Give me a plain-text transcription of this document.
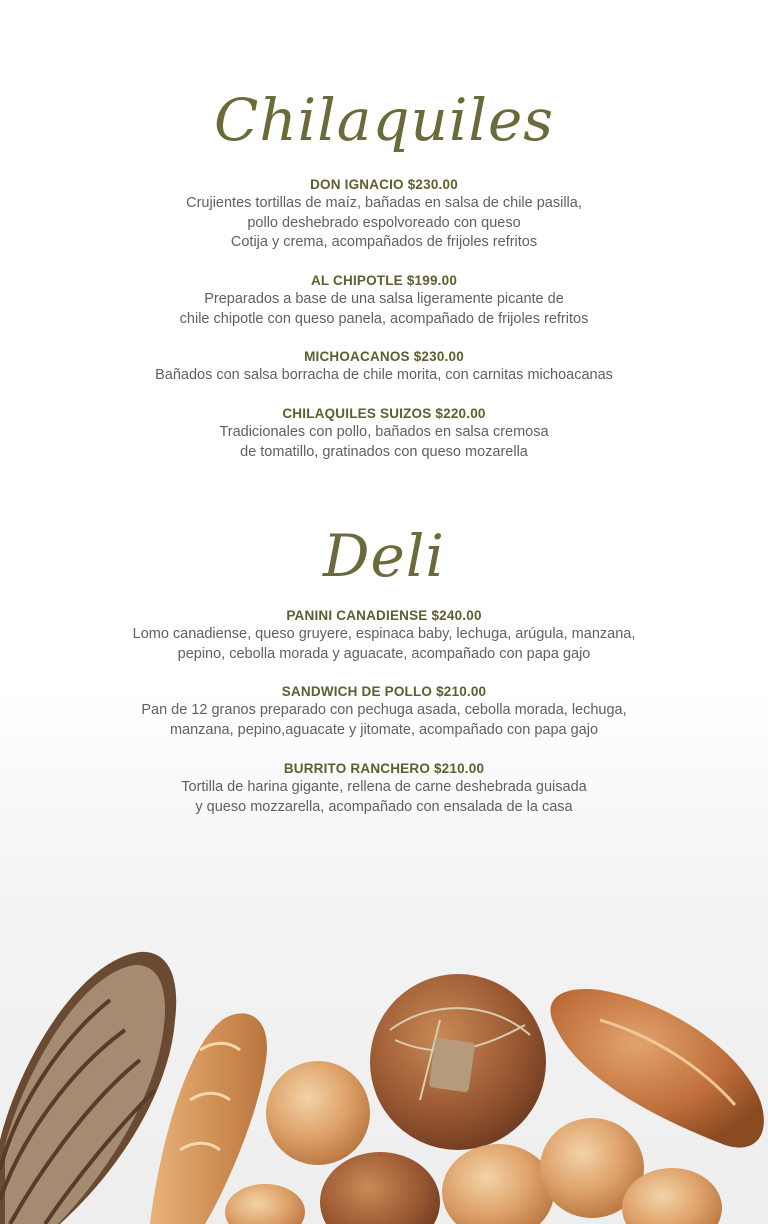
Chilaquiles
DON IGNACIO $230.00
Crujientes tortillas de maíz, bañadas en salsa de chile pasilla,
pollo deshebrado espolvoreado con queso
Cotija y crema, acompañados de frijoles refritos
AL CHIPOTLE $199.00
Preparados a base de una salsa ligeramente picante de
chile chipotle con queso panela, acompañado de frijoles refritos
MICHOACANOS $230.00
Bañados con salsa borracha de chile morita, con carnitas michoacanas
CHILAQUILES SUIZOS $220.00
Tradicionales con pollo, bañados en salsa cremosa
de tomatillo, gratinados con queso mozarella
Deli
PANINI CANADIENSE $240.00
Lomo canadiense, queso gruyere, espinaca baby, lechuga, arúgula, manzana,
pepino, cebolla morada y aguacate, acompañado con papa gajo
SANDWICH DE POLLO $210.00
Pan de 12 granos preparado con pechuga asada, cebolla morada, lechuga,
manzana, pepino,aguacate y jitomate, acompañado con papa gajo
BURRITO RANCHERO $210.00
Tortilla de harina gigante, rellena de carne deshebrada guisada
y queso mozzarella, acompañado con ensalada de la casa
